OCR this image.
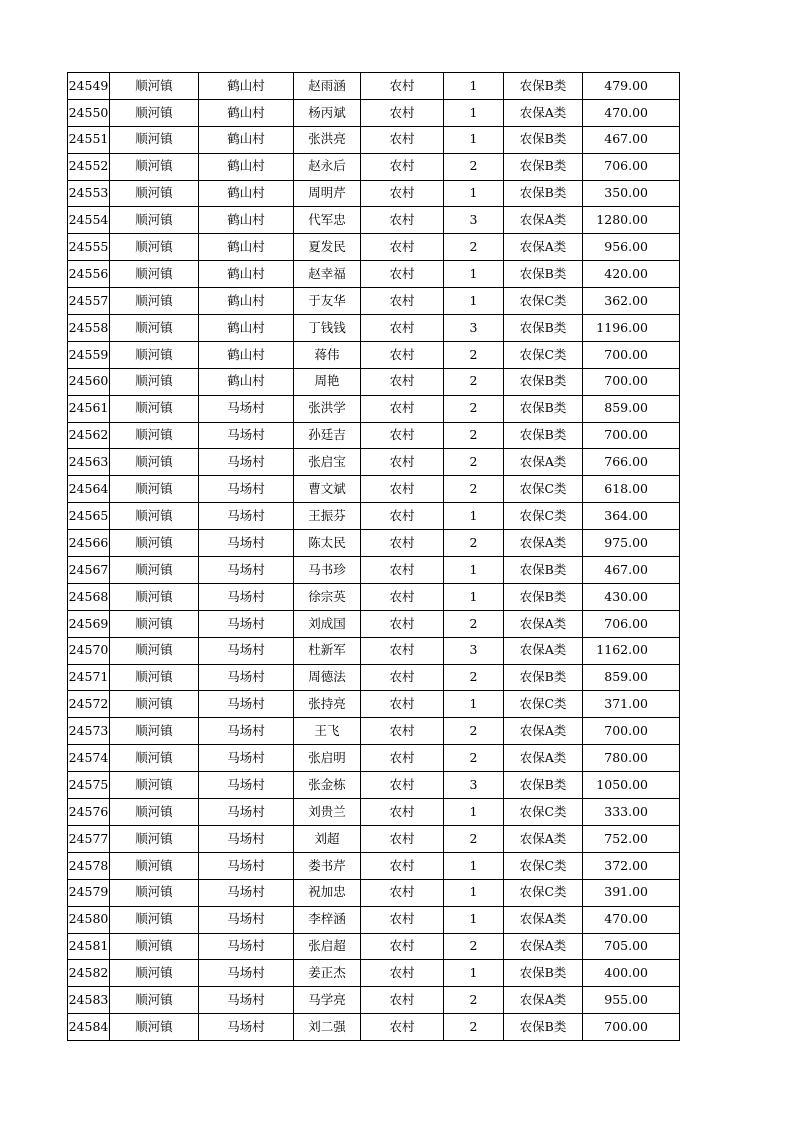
24549	顺河镇	鹤山村	赵雨涵	农村	1	农保B类	479.00
24550	顺河镇	鹤山村	杨丙斌	农村	1	农保A类	470.00
24551	顺河镇	鹤山村	张洪亮	农村	1	农保B类	467.00
24552	顺河镇	鹤山村	赵永后	农村	2	农保B类	706.00
24553	顺河镇	鹤山村	周明芹	农村	1	农保B类	350.00
24554	顺河镇	鹤山村	代军忠	农村	3	农保A类	1280.00
24555	顺河镇	鹤山村	夏发民	农村	2	农保A类	956.00
24556	顺河镇	鹤山村	赵幸福	农村	1	农保B类	420.00
24557	顺河镇	鹤山村	于友华	农村	1	农保C类	362.00
24558	顺河镇	鹤山村	丁钱钱	农村	3	农保B类	1196.00
24559	顺河镇	鹤山村	蒋伟	农村	2	农保C类	700.00
24560	顺河镇	鹤山村	周艳	农村	2	农保B类	700.00
24561	顺河镇	马场村	张洪学	农村	2	农保B类	859.00
24562	顺河镇	马场村	孙廷吉	农村	2	农保B类	700.00
24563	顺河镇	马场村	张启宝	农村	2	农保A类	766.00
24564	顺河镇	马场村	曹文斌	农村	2	农保C类	618.00
24565	顺河镇	马场村	王振芬	农村	1	农保C类	364.00
24566	顺河镇	马场村	陈太民	农村	2	农保A类	975.00
24567	顺河镇	马场村	马书珍	农村	1	农保B类	467.00
24568	顺河镇	马场村	徐宗英	农村	1	农保B类	430.00
24569	顺河镇	马场村	刘成国	农村	2	农保A类	706.00
24570	顺河镇	马场村	杜新军	农村	3	农保A类	1162.00
24571	顺河镇	马场村	周德法	农村	2	农保B类	859.00
24572	顺河镇	马场村	张持亮	农村	1	农保C类	371.00
24573	顺河镇	马场村	王飞	农村	2	农保A类	700.00
24574	顺河镇	马场村	张启明	农村	2	农保A类	780.00
24575	顺河镇	马场村	张金栋	农村	3	农保B类	1050.00
24576	顺河镇	马场村	刘贵兰	农村	1	农保C类	333.00
24577	顺河镇	马场村	刘超	农村	2	农保A类	752.00
24578	顺河镇	马场村	娄书芹	农村	1	农保C类	372.00
24579	顺河镇	马场村	祝加忠	农村	1	农保C类	391.00
24580	顺河镇	马场村	李梓涵	农村	1	农保A类	470.00
24581	顺河镇	马场村	张启超	农村	2	农保A类	705.00
24582	顺河镇	马场村	姜正杰	农村	1	农保B类	400.00
24583	顺河镇	马场村	马学亮	农村	2	农保A类	955.00
24584	顺河镇	马场村	刘二强	农村	2	农保B类	700.00
